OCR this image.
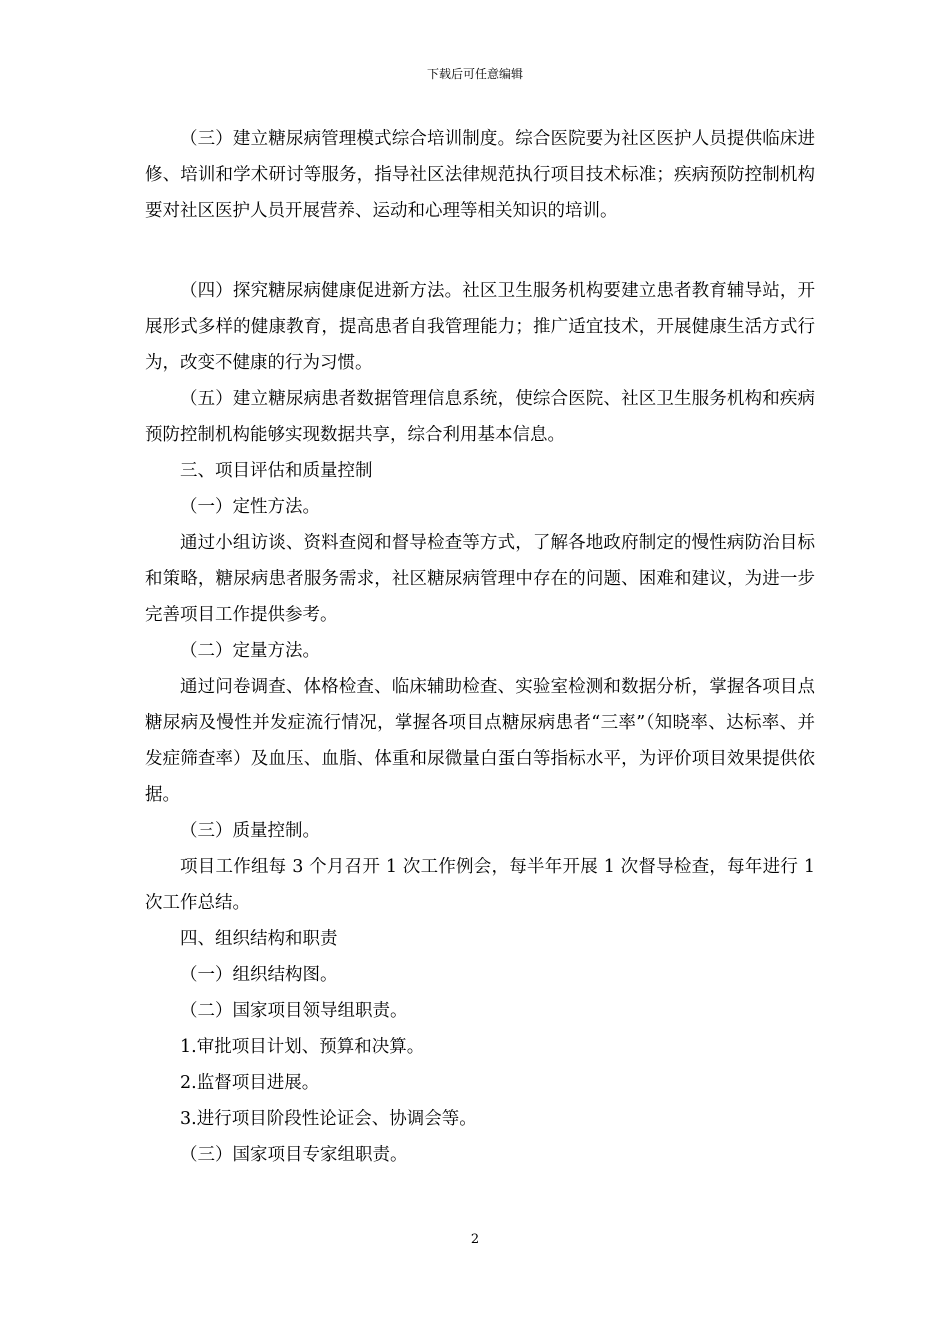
下载后可任意编辑

（三）建立糖尿病管理模式综合培训制度。综合医院要为社区医护人员提供临床进修、培训和学术研讨等服务，指导社区法律规范执行项目技术标准；疾病预防控制机构要对社区医护人员开展营养、运动和心理等相关知识的培训。

（四）探究糖尿病健康促进新方法。社区卫生服务机构要建立患者教育辅导站，开展形式多样的健康教育，提高患者自我管理能力；推广适宜技术，开展健康生活方式行为，改变不健康的行为习惯。

（五）建立糖尿病患者数据管理信息系统，使综合医院、社区卫生服务机构和疾病预防控制机构能够实现数据共享，综合利用基本信息。

三、项目评估和质量控制

（一）定性方法。

通过小组访谈、资料查阅和督导检查等方式，了解各地政府制定的慢性病防治目标和策略，糖尿病患者服务需求，社区糖尿病管理中存在的问题、困难和建议，为进一步完善项目工作提供参考。

（二）定量方法。

通过问卷调查、体格检查、临床辅助检查、实验室检测和数据分析，掌握各项目点糖尿病及慢性并发症流行情况，掌握各项目点糖尿病患者“三率”（知晓率、达标率、并发症筛查率）及血压、血脂、体重和尿微量白蛋白等指标水平，为评价项目效果提供依据。

（三）质量控制。

项目工作组每 3 个月召开 1 次工作例会，每半年开展 1 次督导检查，每年进行 1 次工作总结。

四、组织结构和职责

（一）组织结构图。

（二）国家项目领导组职责。

1.审批项目计划、预算和决算。

2.监督项目进展。

3.进行项目阶段性论证会、协调会等。

（三）国家项目专家组职责。

2
